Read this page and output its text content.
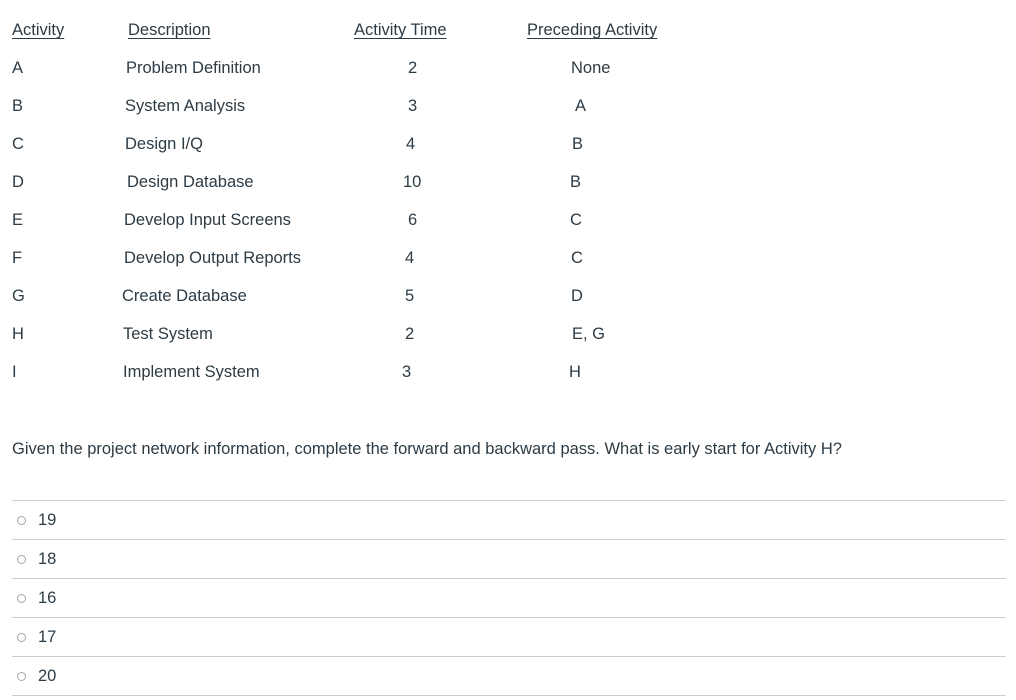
Activity	Description	Activity Time	Preceding Activity
A	Problem Definition	2	None
B	System Analysis	3	A
C	Design I/Q	4	B
D	Design Database	10	B
E	Develop Input Screens	6	C
F	Develop Output Reports	4	C
G	Create Database	5	D
H	Test System	2	E, G
I	Implement System	3	H
Given the project network information, complete the forward and backward pass. What is early start for Activity H?
19
18
16
17
20
